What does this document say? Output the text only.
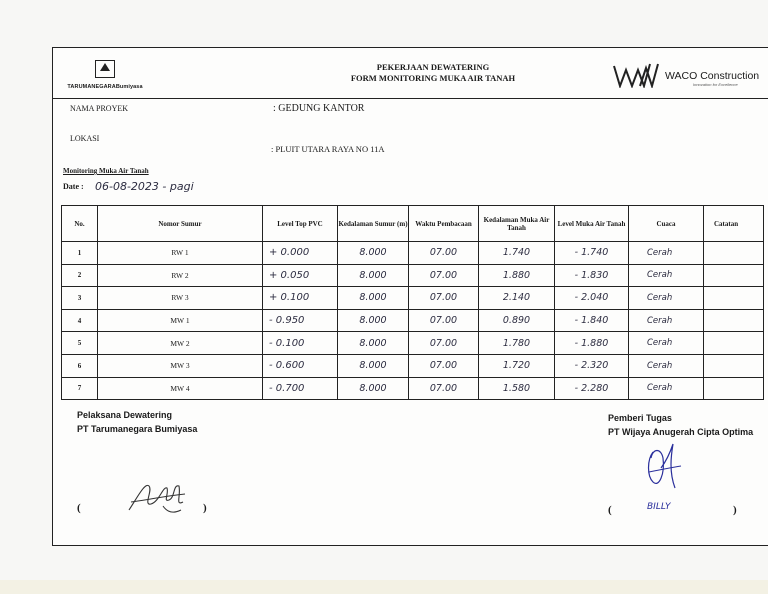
TARUMANEGARABumiyasa

PEKERJAAN DEWATERING
FORM MONITORING MUKA AIR TANAH	WACO Construction
Innovation for Excellence
NAMA PROYEK	: GEDUNG KANTOR
LOKASI
: PLUIT UTARA RAYA NO 11A
Monitoring Muka Air Tanah
Date : 06-08-2023 - pagi
No.	Nomor Sumur	Level Top PVC	Kedalaman Sumur (m)	Waktu Pembacaan	Kedalaman Muka Air Tanah	Level Muka Air Tanah	Cuaca	Catatan
1	RW 1	+ 0.000	8.000	07.00	1.740	- 1.740	Cerah	
2	RW 2	+ 0.050	8.000	07.00	1.880	- 1.830	Cerah	
3	RW 3	+ 0.100	8.000	07.00	2.140	- 2.040	Cerah	
4	MW 1	- 0.950	8.000	07.00	0.890	- 1.840	Cerah	
5	MW 2	- 0.100	8.000	07.00	1.780	- 1.880	Cerah	
6	MW 3	- 0.600	8.000	07.00	1.720	- 2.320	Cerah	
7	MW 4	- 0.700	8.000	07.00	1.580	- 2.280	Cerah	
Pelaksana Dewatering
PT Tarumanegara Bumiyasa
Pemberi Tugas
PT Wijaya Anugerah Cipta Optima
(	)	(	)
BILLY
